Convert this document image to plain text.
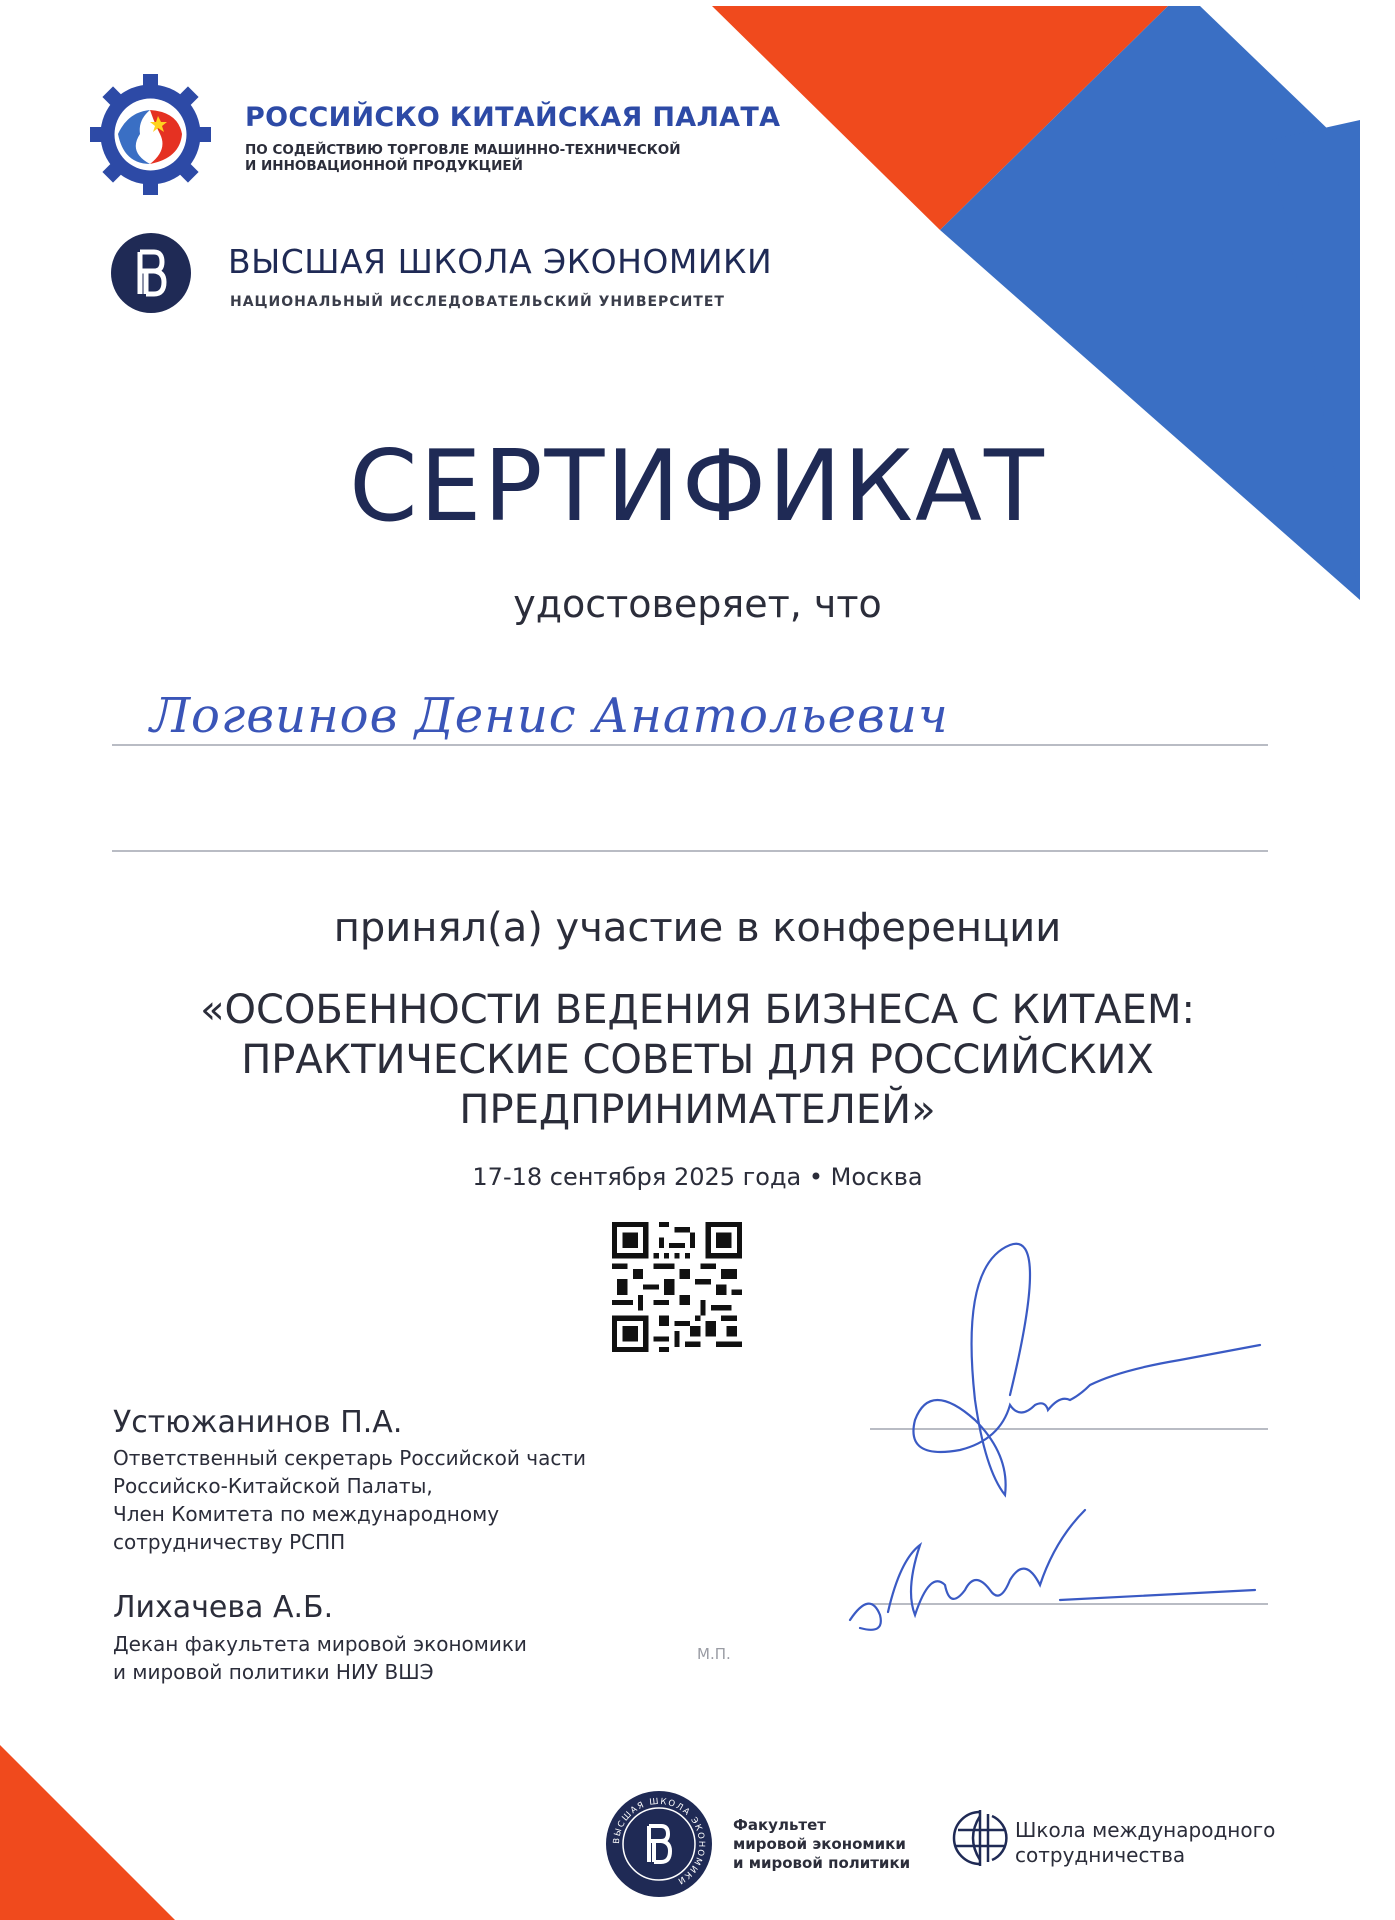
РОССИЙСКО КИТАЙСКАЯ ПАЛАТА
ПО СОДЕЙСТВИЮ ТОРГОВЛЕ МАШИННО-ТЕХНИЧЕСКОЙ
И ИННОВАЦИОННОЙ ПРОДУКЦИЕЙ
ВЫСШАЯ ШКОЛА ЭКОНОМИКИ
НАЦИОНАЛЬНЫЙ ИССЛЕДОВАТЕЛЬСКИЙ УНИВЕРСИТЕТ
СЕРТИФИКАТ
удостоверяет, что
Логвинов Денис Анатольевич
принял(а) участие в конференции
«ОСОБЕННОСТИ ВЕДЕНИЯ БИЗНЕСА С КИТАЕМ:
ПРАКТИЧЕСКИЕ СОВЕТЫ ДЛЯ РОССИЙСКИХ
ПРЕДПРИНИМАТЕЛЕЙ»
17-18 сентября 2025 года • Москва
Устюжанинов П.А.
Ответственный секретарь Российской части
Российско-Китайской Палаты,
Член Комитета по международному
сотрудничеству РСПП
Лихачева А.Б.
Декан факультета мировой экономики
и мировой политики НИУ ВШЭ
М.П.
ВЫСШАЯ ШКОЛА ЭКОНОМИКИ
Факультет
мировой экономики
и мировой политики
Школа международного
сотрудничества
